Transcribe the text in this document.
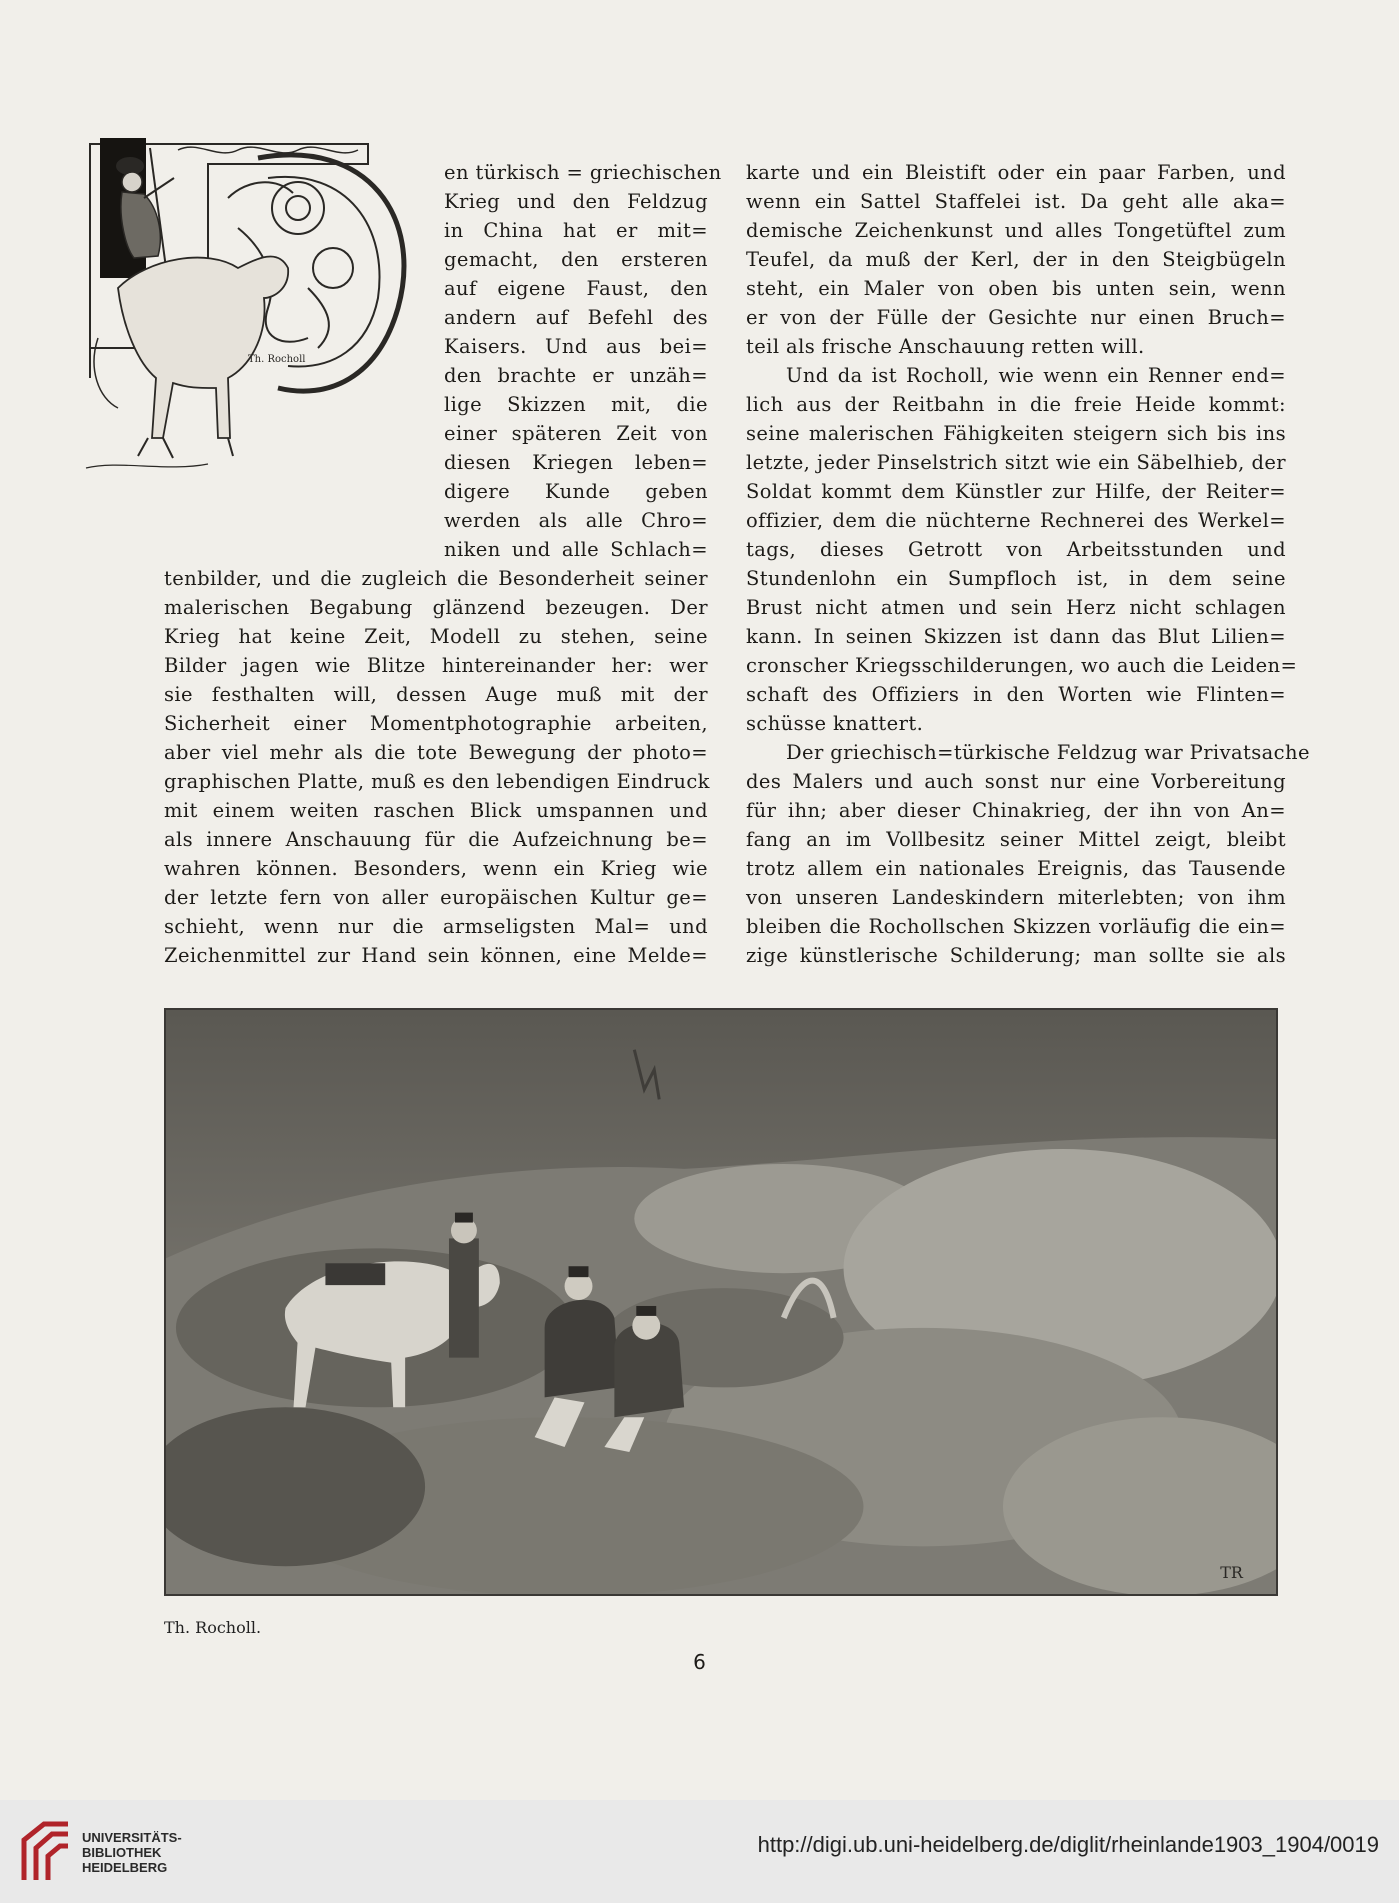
Th. Rocholl
en türkisch = griechischen
Krieg und den Feldzug
in China hat er mit=
gemacht, den ersteren
auf eigene Faust, den
andern auf Befehl des
Kaisers. Und aus bei=
den brachte er unzäh=
lige Skizzen mit, die
einer späteren Zeit von
diesen Kriegen leben=
digere Kunde geben
werden als alle Chro=
niken und alle Schlach=
tenbilder, und die zugleich die Besonderheit seiner
malerischen Begabung glänzend bezeugen. Der
Krieg hat keine Zeit, Modell zu stehen, seine
Bilder jagen wie Blitze hintereinander her: wer
sie festhalten will, dessen Auge muß mit der
Sicherheit einer Momentphotographie arbeiten,
aber viel mehr als die tote Bewegung der photo=
graphischen Platte, muß es den lebendigen Eindruck
mit einem weiten raschen Blick umspannen und
als innere Anschauung für die Aufzeichnung be=
wahren können. Besonders, wenn ein Krieg wie
der letzte fern von aller europäischen Kultur ge=
schieht, wenn nur die armseligsten Mal= und
Zeichenmittel zur Hand sein können, eine Melde=
karte und ein Bleistift oder ein paar Farben, und
wenn ein Sattel Staffelei ist. Da geht alle aka=
demische Zeichenkunst und alles Tongetüftel zum
Teufel, da muß der Kerl, der in den Steigbügeln
steht, ein Maler von oben bis unten sein, wenn
er von der Fülle der Gesichte nur einen Bruch=
teil als frische Anschauung retten will.
Und da ist Rocholl, wie wenn ein Renner end=
lich aus der Reitbahn in die freie Heide kommt:
seine malerischen Fähigkeiten steigern sich bis ins
letzte, jeder Pinselstrich sitzt wie ein Säbelhieb, der
Soldat kommt dem Künstler zur Hilfe, der Reiter=
offizier, dem die nüchterne Rechnerei des Werkel=
tags, dieses Getrott von Arbeitsstunden und
Stundenlohn ein Sumpfloch ist, in dem seine
Brust nicht atmen und sein Herz nicht schlagen
kann. In seinen Skizzen ist dann das Blut Lilien=
cronscher Kriegsschilderungen, wo auch die Leiden=
schaft des Offiziers in den Worten wie Flinten=
schüsse knattert.
Der griechisch=türkische Feldzug war Privatsache
des Malers und auch sonst nur eine Vorbereitung
für ihn; aber dieser Chinakrieg, der ihn von An=
fang an im Vollbesitz seiner Mittel zeigt, bleibt
trotz allem ein nationales Ereignis, das Tausende
von unseren Landeskindern miterlebten; von ihm
bleiben die Rochollschen Skizzen vorläufig die ein=
zige künstlerische Schilderung; man sollte sie als
TR
Th. Rocholl.
6
UNIVERSITÄTS-
BIBLIOTHEK
HEIDELBERG
http://digi.ub.uni-heidelberg.de/diglit/rheinlande1903_1904/0019
